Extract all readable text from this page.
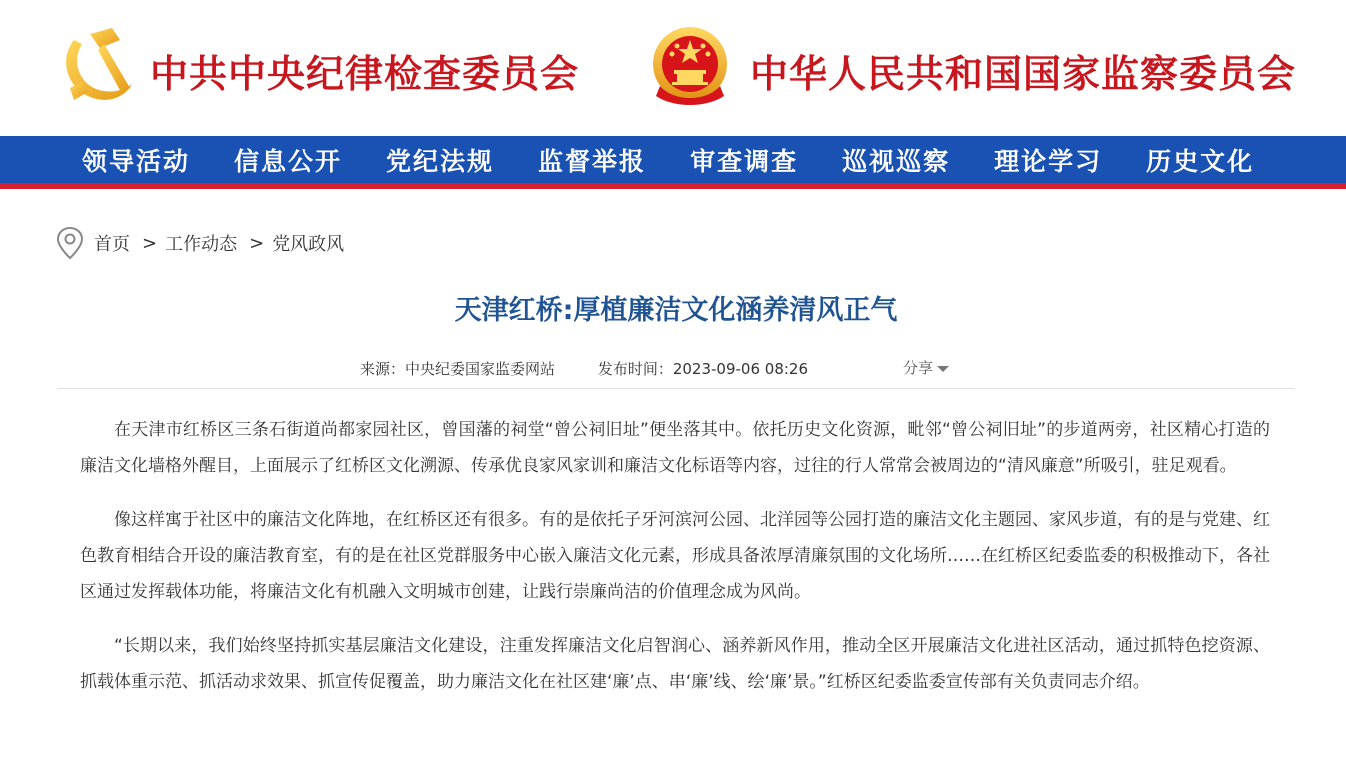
中共中央纪律检查委员会	中华人民共和国国家监察委员会
领导活动 信息公开 党纪法规 监督举报 审查调查 巡视巡察 理论学习 历史文化
首页 > 工作动态 > 党风政风
天津红桥:厚植廉洁文化涵养清风正气
来源：中央纪委国家监委网站	发布时间：2023-09-06 08:26	分享

在天津市红桥区三条石街道尚都家园社区，曾国藩的祠堂“曾公祠旧址”便坐落其中。依托历史文化资源，毗邻“曾公祠旧址”的步道两旁，社区精心打造的廉洁文化墙格外醒目，上面展示了红桥区文化溯源、传承优良家风家训和廉洁文化标语等内容，过往的行人常常会被周边的“清风廉意”所吸引，驻足观看。

像这样寓于社区中的廉洁文化阵地，在红桥区还有很多。有的是依托子牙河滨河公园、北洋园等公园打造的廉洁文化主题园、家风步道，有的是与党建、红色教育相结合开设的廉洁教育室，有的是在社区党群服务中心嵌入廉洁文化元素，形成具备浓厚清廉氛围的文化场所……在红桥区纪委监委的积极推动下，各社区通过发挥载体功能，将廉洁文化有机融入文明城市创建，让践行崇廉尚洁的价值理念成为风尚。

“长期以来，我们始终坚持抓实基层廉洁文化建设，注重发挥廉洁文化启智润心、涵养新风作用，推动全区开展廉洁文化进社区活动，通过抓特色挖资源、抓载体重示范、抓活动求效果、抓宣传促覆盖，助力廉洁文化在社区建‘廉’点、串‘廉’线、绘‘廉’景。”红桥区纪委监委宣传部有关负责同志介绍。
